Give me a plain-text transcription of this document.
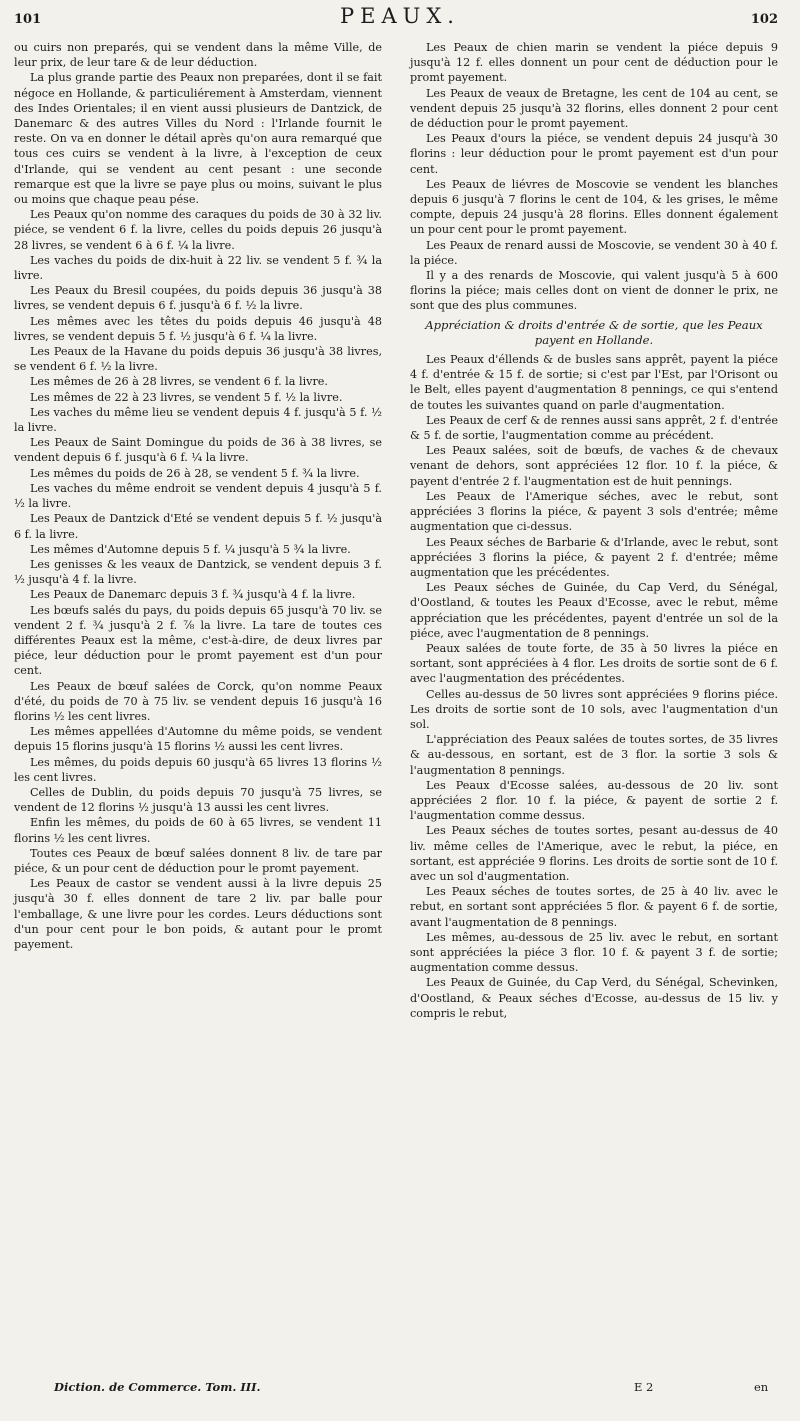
101	PEAUX.	102

ou cuirs non preparés, qui se vendent dans la même Ville, de leur prix, de leur tare & de leur déduction.

La plus grande partie des Peaux non preparées, dont il se fait négoce en Hollande, & particuliérement à Amsterdam, viennent des Indes Orientales; il en vient aussi plusieurs de Dantzick, de Danemarc & des autres Villes du Nord : l'Irlande fournit le reste. On va en donner le détail après qu'on aura remarqué que tous ces cuirs se vendent à la livre, à l'exception de ceux d'Irlande, qui se vendent au cent pesant : une seconde remarque est que la livre se paye plus ou moins, suivant le plus ou moins que chaque peau pése.

Les Peaux qu'on nomme des caraques du poids de 30 à 32 liv. piéce, se vendent 6 f. la livre, celles du poids depuis 26 jusqu'à 28 livres, se vendent 6 à 6 f. ¼ la livre.

Les vaches du poids de dix-huit à 22 liv. se vendent 5 f. ¾ la livre.

Les Peaux du Bresil coupées, du poids depuis 36 jusqu'à 38 livres, se vendent depuis 6 f. jusqu'à 6 f. ½ la livre.

Les mêmes avec les têtes du poids depuis 46 jusqu'à 48 livres, se vendent depuis 5 f. ½ jusqu'à 6 f. ¼ la livre.

Les Peaux de la Havane du poids depuis 36 jusqu'à 38 livres, se vendent 6 f. ½ la livre.

Les mêmes de 26 à 28 livres, se vendent 6 f. la livre.

Les mêmes de 22 à 23 livres, se vendent 5 f. ½ la livre.

Les vaches du même lieu se vendent depuis 4 f. jusqu'à 5 f. ½ la livre.

Les Peaux de Saint Domingue du poids de 36 à 38 livres, se vendent depuis 6 f. jusqu'à 6 f. ¼ la livre.

Les mêmes du poids de 26 à 28, se vendent 5 f. ¾ la livre.

Les vaches du même endroit se vendent depuis 4 jusqu'à 5 f. ½ la livre.

Les Peaux de Dantzick d'Eté se vendent depuis 5 f. ½ jusqu'à 6 f. la livre.

Les mêmes d'Automne depuis 5 f. ¼ jusqu'à 5 ¾ la livre.

Les genisses & les veaux de Dantzick, se vendent depuis 3 f. ½ jusqu'à 4 f. la livre.

Les Peaux de Danemarc depuis 3 f. ¾ jusqu'à 4 f. la livre.

Les bœufs salés du pays, du poids depuis 65 jusqu'à 70 liv. se vendent 2 f. ¾ jusqu'à 2 f. ⅞ la livre. La tare de toutes ces différentes Peaux est la même, c'est-à-dire, de deux livres par piéce, leur déduction pour le promt payement est d'un pour cent.

Les Peaux de bœuf salées de Corck, qu'on nomme Peaux d'été, du poids de 70 à 75 liv. se vendent depuis 16 jusqu'à 16 florins ½ les cent livres.

Les mêmes appellées d'Automne du même poids, se vendent depuis 15 florins jusqu'à 15 florins ½ aussi les cent livres.

Les mêmes, du poids depuis 60 jusqu'à 65 livres 13 florins ½ les cent livres.

Celles de Dublin, du poids depuis 70 jusqu'à 75 livres, se vendent de 12 florins ½ jusqu'à 13 aussi les cent livres.

Enfin les mêmes, du poids de 60 à 65 livres, se vendent 11 florins ½ les cent livres.

Toutes ces Peaux de bœuf salées donnent 8 liv. de tare par piéce, & un pour cent de déduction pour le promt payement.

Les Peaux de castor se vendent aussi à la livre depuis 25 jusqu'à 30 f. elles donnent de tare 2 liv. par balle pour l'emballage, & une livre pour les cordes. Leurs déductions sont d'un pour cent pour le bon poids, & autant pour le promt payement.

Les Peaux de chien marin se vendent la piéce depuis 9 jusqu'à 12 f. elles donnent un pour cent de déduction pour le promt payement.

Les Peaux de veaux de Bretagne, les cent de 104 au cent, se vendent depuis 25 jusqu'à 32 florins, elles donnent 2 pour cent de déduction pour le promt payement.

Les Peaux d'ours la piéce, se vendent depuis 24 jusqu'à 30 florins : leur déduction pour le promt payement est d'un pour cent.

Les Peaux de liévres de Moscovie se vendent les blanches depuis 6 jusqu'à 7 florins le cent de 104, & les grises, le même compte, depuis 24 jusqu'à 28 florins. Elles donnent également un pour cent pour le promt payement.

Les Peaux de renard aussi de Moscovie, se vendent 30 à 40 f. la piéce.

Il y a des renards de Moscovie, qui valent jusqu'à 5 à 600 florins la piéce; mais celles dont on vient de donner le prix, ne sont que des plus communes.

Appréciation & droits d'entrée & de sortie, que les Peaux payent en Hollande.

Les Peaux d'éllends & de busles sans apprêt, payent la piéce 4 f. d'entrée & 15 f. de sortie; si c'est par l'Est, par l'Orisont ou le Belt, elles payent d'augmentation 8 pennings, ce qui s'entend de toutes les suivantes quand on parle d'augmentation.

Les Peaux de cerf & de rennes aussi sans apprêt, 2 f. d'entrée & 5 f. de sortie, l'augmentation comme au précédent.

Les Peaux salées, soit de bœufs, de vaches & de chevaux venant de dehors, sont appréciées 12 flor. 10 f. la piéce, & payent d'entrée 2 f. l'augmentation est de huit pennings.

Les Peaux de l'Amerique séches, avec le rebut, sont appréciées 3 florins la piéce, & payent 3 sols d'entrée; même augmentation que ci-dessus.

Les Peaux séches de Barbarie & d'Irlande, avec le rebut, sont appréciées 3 florins la piéce, & payent 2 f. d'entrée; même augmentation que les précédentes.

Les Peaux séches de Guinée, du Cap Verd, du Sénégal, d'Oostland, & toutes les Peaux d'Ecosse, avec le rebut, même appréciation que les précédentes, payent d'entrée un sol de la piéce, avec l'augmentation de 8 pennings.

Peaux salées de toute forte, de 35 à 50 livres la piéce en sortant, sont appréciées à 4 flor. Les droits de sortie sont de 6 f. avec l'augmentation des précédentes.

Celles au-dessus de 50 livres sont appréciées 9 florins piéce. Les droits de sortie sont de 10 sols, avec l'augmentation d'un sol.

L'appréciation des Peaux salées de toutes sortes, de 35 livres & au-dessous, en sortant, est de 3 flor. la sortie 3 sols & l'augmentation 8 pennings.

Les Peaux d'Ecosse salées, au-dessous de 20 liv. sont appréciées 2 flor. 10 f. la piéce, & payent de sortie 2 f. l'augmentation comme dessus.

Les Peaux séches de toutes sortes, pesant au-dessus de 40 liv. même celles de l'Amerique, avec le rebut, la piéce, en sortant, est appréciée 9 florins. Les droits de sortie sont de 10 f. avec un sol d'augmentation.

Les Peaux séches de toutes sortes, de 25 à 40 liv. avec le rebut, en sortant sont appréciées 5 flor. & payent 6 f. de sortie, avant l'augmentation de 8 pennings.

Les mêmes, au-dessous de 25 liv. avec le rebut, en sortant sont appréciées la piéce 3 flor. 10 f. & payent 3 f. de sortie; augmentation comme dessus.

Les Peaux de Guinée, du Cap Verd, du Sénégal, Schevinken, d'Oostland, & Peaux séches d'Ecosse, au-dessus de 15 liv. y compris le rebut,

Diction. de Commerce. Tom. III.	E 2	en
